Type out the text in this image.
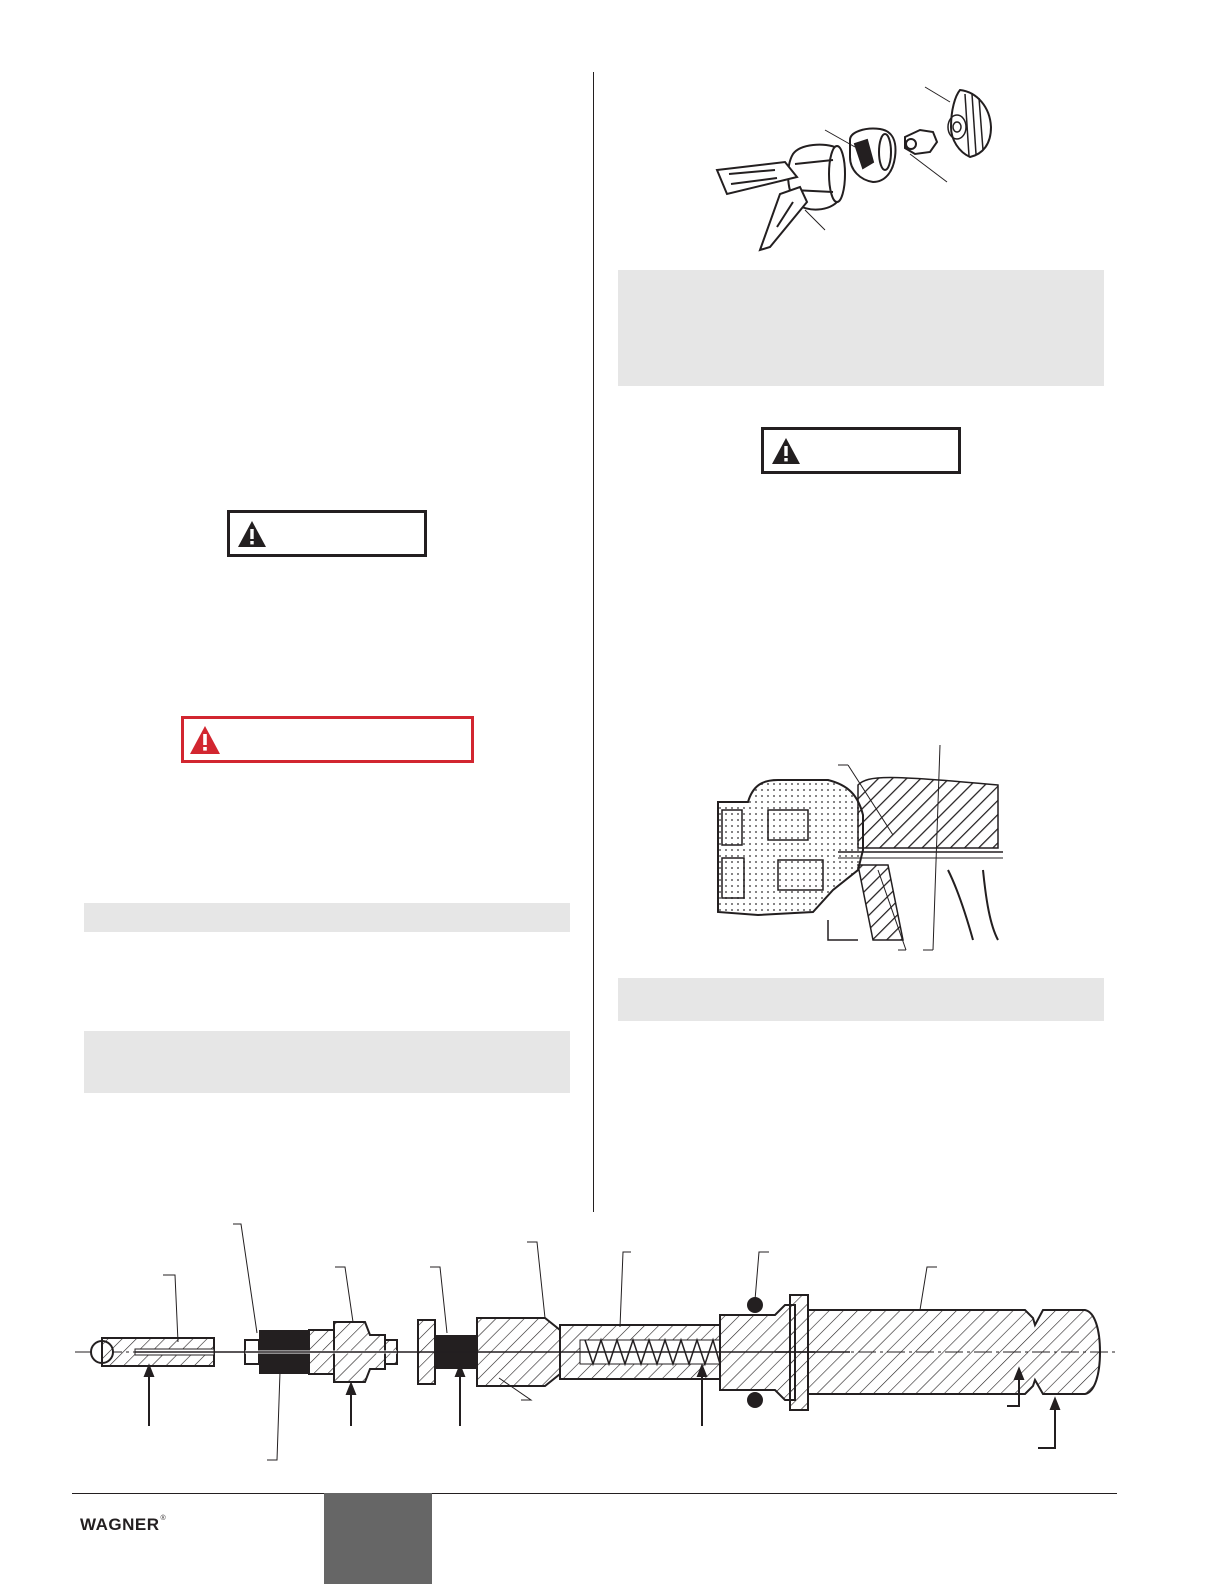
WAGNER®
